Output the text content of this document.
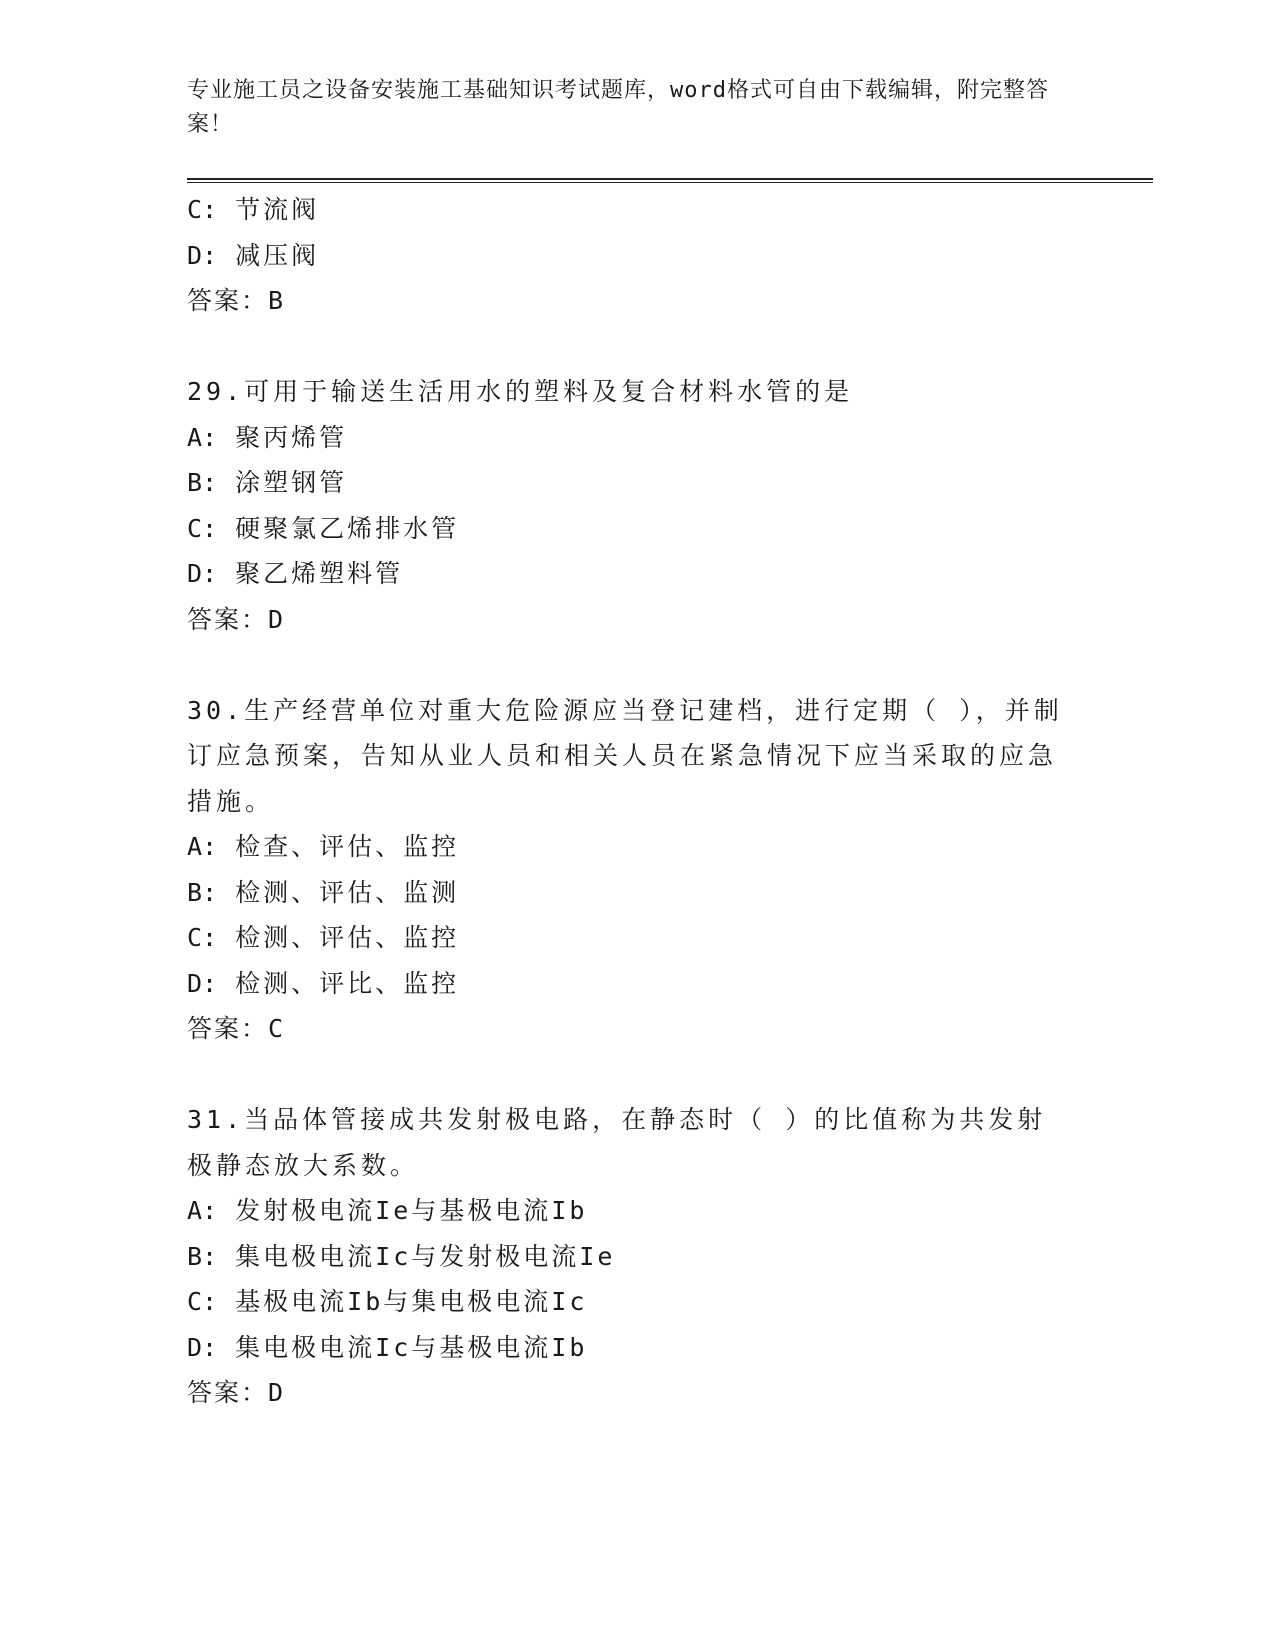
专业施工员之设备安装施工基础知识考试题库，word格式可自由下载编辑，附完整答案！
C: 节流阀
D: 减压阀
答案：B
29.可用于输送生活用水的塑料及复合材料水管的是
A: 聚丙烯管
B: 涂塑钢管
C: 硬聚氯乙烯排水管
D: 聚乙烯塑料管
答案：D
30.生产经营单位对重大危险源应当登记建档，进行定期（ ），并制订应急预案，告知从业人员和相关人员在紧急情况下应当采取的应急措施。
A: 检查、评估、监控
B: 检测、评估、监测
C: 检测、评估、监控
D: 检测、评比、监控
答案：C
31.当品体管接成共发射极电路，在静态时（ ）的比值称为共发射极静态放大系数。
A: 发射极电流Ie与基极电流Ib
B: 集电极电流Ic与发射极电流Ie
C: 基极电流Ib与集电极电流Ic
D: 集电极电流Ic与基极电流Ib
答案：D
